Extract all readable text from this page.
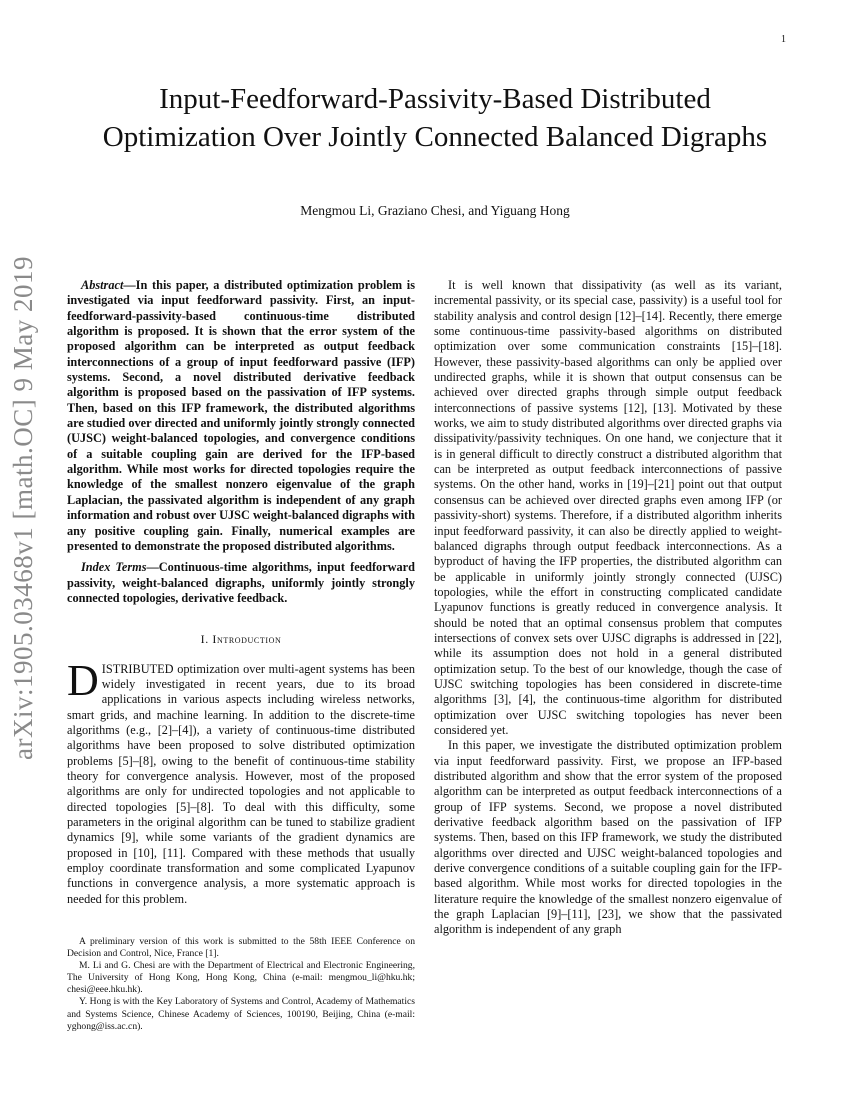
1
arXiv:1905.03468v1 [math.OC] 9 May 2019
Input-Feedforward-Passivity-Based Distributed Optimization Over Jointly Connected Balanced Digraphs
Mengmou Li, Graziano Chesi, and Yiguang Hong

Abstract—In this paper, a distributed optimization problem is investigated via input feedforward passivity. First, an input-feedforward-passivity-based continuous-time distributed algorithm is proposed. It is shown that the error system of the proposed algorithm can be interpreted as output feedback interconnections of a group of input feedforward passive (IFP) systems. Second, a novel distributed derivative feedback algorithm is proposed based on the passivation of IFP systems. Then, based on this IFP framework, the distributed algorithms are studied over directed and uniformly jointly strongly connected (UJSC) weight-balanced topologies, and convergence conditions of a suitable coupling gain are derived for the IFP-based algorithm. While most works for directed topologies require the knowledge of the smallest nonzero eigenvalue of the graph Laplacian, the passivated algorithm is independent of any graph information and robust over UJSC weight-balanced digraphs with any positive coupling gain. Finally, numerical examples are presented to demonstrate the proposed distributed algorithms.

Index Terms—Continuous-time algorithms, input feedforward passivity, weight-balanced digraphs, uniformly jointly strongly connected topologies, derivative feedback.

I. Introduction

DISTRIBUTED optimization over multi-agent systems has been widely investigated in recent years, due to its broad applications in various aspects including wireless networks, smart grids, and machine learning. In addition to the discrete-time algorithms (e.g., [2]–[4]), a variety of continuous-time distributed algorithms have been proposed to solve distributed optimization problems [5]–[8], owing to the benefit of continuous-time stability theory for convergence analysis. However, most of the proposed algorithms are only for undirected topologies and not applicable to directed topologies [5]–[8]. To deal with this difficulty, some parameters in the original algorithm can be tuned to stabilize gradient dynamics [9], while some variants of the gradient dynamics are proposed in [10], [11]. Compared with these methods that usually employ coordinate transformation and some complicated Lyapunov functions in convergence analysis, a more systematic approach is needed for this problem.

A preliminary version of this work is submitted to the 58th IEEE Conference on Decision and Control, Nice, France [1].

M. Li and G. Chesi are with the Department of Electrical and Electronic Engineering, The University of Hong Kong, Hong Kong, China (e-mail: mengmou_li@hku.hk; chesi@eee.hku.hk).

Y. Hong is with the Key Laboratory of Systems and Control, Academy of Mathematics and Systems Science, Chinese Academy of Sciences, 100190, Beijing, China (e-mail: yghong@iss.ac.cn).

It is well known that dissipativity (as well as its variant, incremental passivity, or its special case, passivity) is a useful tool for stability analysis and control design [12]–[14]. Recently, there emerge some continuous-time passivity-based algorithms on distributed optimization over some communication constraints [15]–[18]. However, these passivity-based algorithms can only be applied over undirected graphs, while it is shown that output consensus can be achieved over directed graphs through simple output feedback interconnections of passive systems [12], [13]. Motivated by these works, we aim to study distributed algorithms over directed graphs via dissipativity/passivity techniques. On one hand, we conjecture that it is in general difficult to directly construct a distributed algorithm that can be interpreted as output feedback interconnections of passive systems. On the other hand, works in [19]–[21] point out that output consensus can be achieved over directed graphs even among IFP (or passivity-short) systems. Therefore, if a distributed algorithm inherits input feedforward passivity, it can also be directly applied to weight-balanced digraphs through output feedback interconnections. As a byproduct of having the IFP properties, the distributed algorithm can be applicable in uniformly jointly strongly connected (UJSC) topologies, while the effort in constructing complicated candidate Lyapunov functions is greatly reduced in convergence analysis. It should be noted that an optimal consensus problem that computes intersections of convex sets over UJSC digraphs is addressed in [22], while its assumption does not hold in a general distributed optimization setup. To the best of our knowledge, though the case of UJSC switching topologies has been considered in discrete-time algorithms [3], [4], the continuous-time algorithm for distributed optimization over UJSC switching topologies has never been considered yet.

In this paper, we investigate the distributed optimization problem via input feedforward passivity. First, we propose an IFP-based distributed algorithm and show that the error system of the proposed algorithm can be interpreted as output feedback interconnections of a group of IFP systems. Second, we propose a novel distributed derivative feedback algorithm based on the passivation of IFP systems. Then, based on this IFP framework, we study the distributed algorithms over directed and UJSC weight-balanced topologies and derive convergence conditions of a suitable coupling gain for the IFP-based algorithm. While most works for directed topologies in the literature require the knowledge of the smallest nonzero eigenvalue of the graph Laplacian [9]–[11], [23], we show that the passivated algorithm is independent of any graph
